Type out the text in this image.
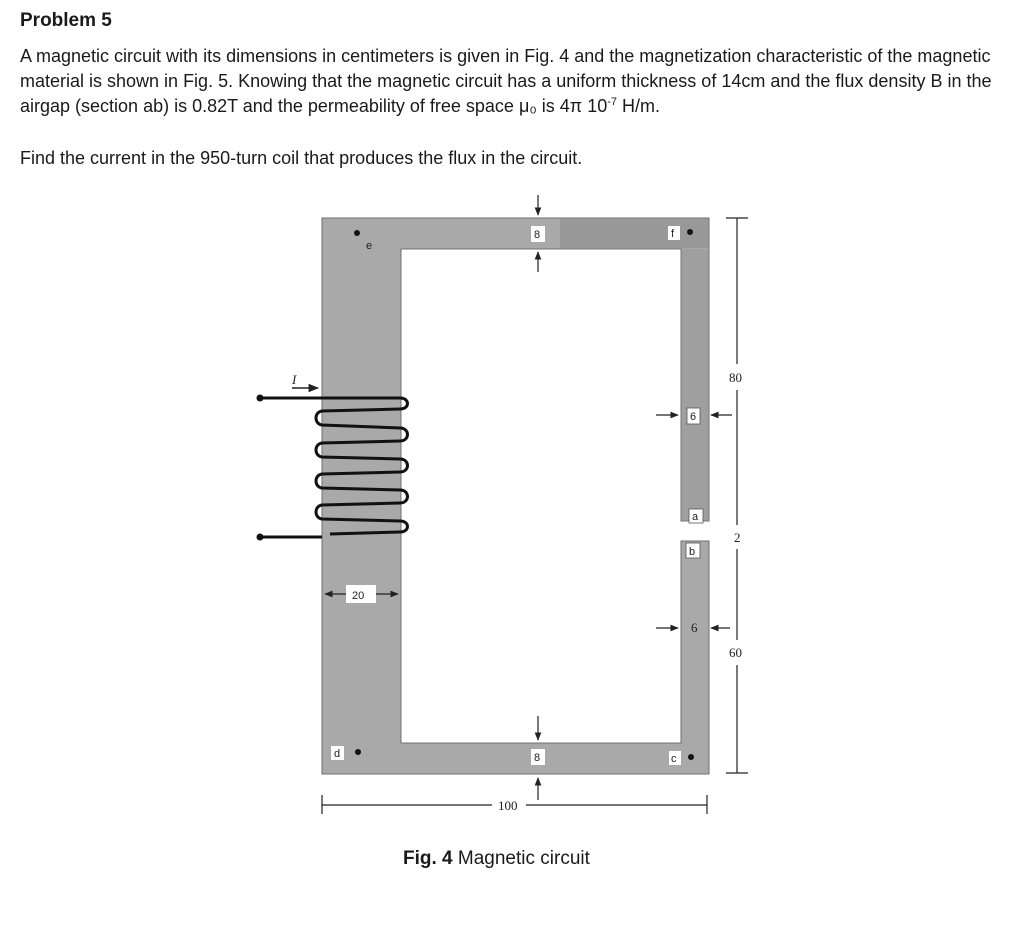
Problem 5

A magnetic circuit with its dimensions in centimeters is given in Fig. 4 and the magnetization characteristic of the magnetic material is shown in Fig. 5. Knowing that the magnetic circuit has a uniform thickness of 14cm and the flux density B in the airgap (section ab) is 0.82T and the permeability of free space μ₀ is 4π $10^{-7}$ H/m.

Find the current in the 950-turn coil that produces the flux in the circuit.

I
e
f
a
b
c
d
8
8
20
6
6
80
2
60
100

Fig. 4 Magnetic circuit
